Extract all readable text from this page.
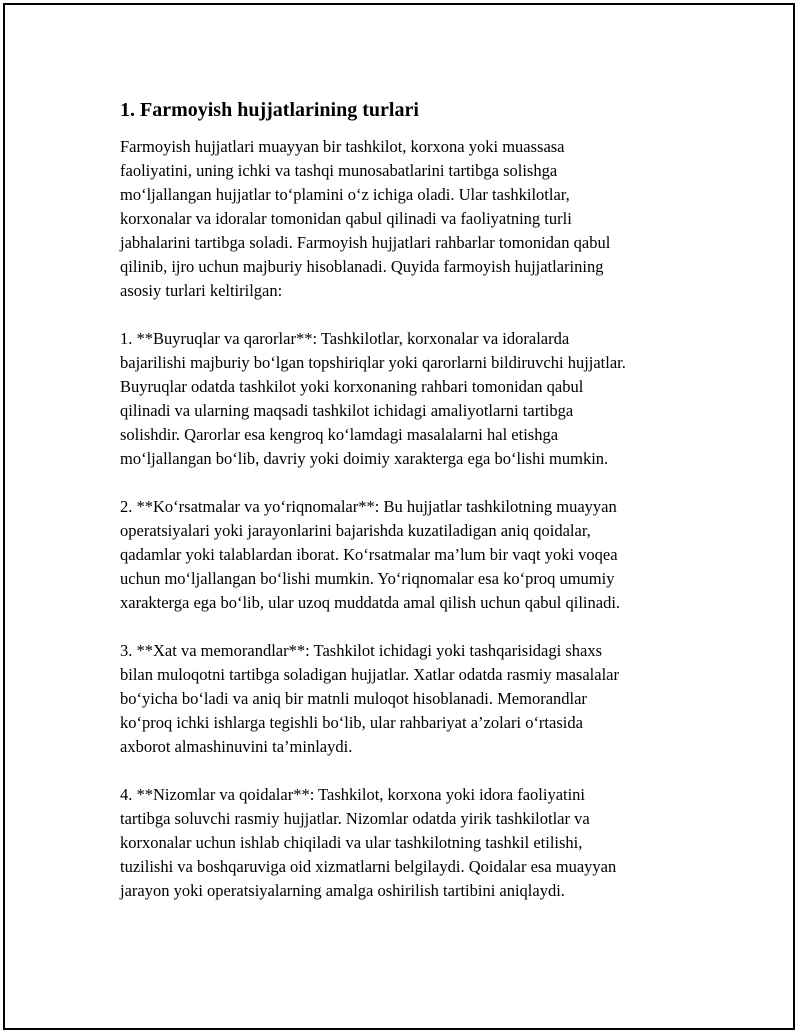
1. Farmoyish hujjatlarining turlari

Farmoyish hujjatlari muayyan bir tashkilot, korxona yoki muassasa
faoliyatini, uning ichki va tashqi munosabatlarini tartibga solishga
mo‘ljallangan hujjatlar to‘plamini o‘z ichiga oladi. Ular tashkilotlar,
korxonalar va idoralar tomonidan qabul qilinadi va faoliyatning turli
jabhalarini tartibga soladi. Farmoyish hujjatlari rahbarlar tomonidan qabul
qilinib, ijro uchun majburiy hisoblanadi. Quyida farmoyish hujjatlarining
asosiy turlari keltirilgan:

1. **Buyruqlar va qarorlar**: Tashkilotlar, korxonalar va idoralarda
bajarilishi majburiy bo‘lgan topshiriqlar yoki qarorlarni bildiruvchi hujjatlar.
Buyruqlar odatda tashkilot yoki korxonaning rahbari tomonidan qabul
qilinadi va ularning maqsadi tashkilot ichidagi amaliyotlarni tartibga
solishdir. Qarorlar esa kengroq ko‘lamdagi masalalarni hal etishga
mo‘ljallangan bo‘lib, davriy yoki doimiy xarakterga ega bo‘lishi mumkin.

2. **Ko‘rsatmalar va yo‘riqnomalar**: Bu hujjatlar tashkilotning muayyan
operatsiyalari yoki jarayonlarini bajarishda kuzatiladigan aniq qoidalar,
qadamlar yoki talablardan iborat. Ko‘rsatmalar ma’lum bir vaqt yoki voqea
uchun mo‘ljallangan bo‘lishi mumkin. Yo‘riqnomalar esa ko‘proq umumiy
xarakterga ega bo‘lib, ular uzoq muddatda amal qilish uchun qabul qilinadi.

3. **Xat va memorandlar**: Tashkilot ichidagi yoki tashqarisidagi shaxs
bilan muloqotni tartibga soladigan hujjatlar. Xatlar odatda rasmiy masalalar
bo‘yicha bo‘ladi va aniq bir matnli muloqot hisoblanadi. Memorandlar
ko‘proq ichki ishlarga tegishli bo‘lib, ular rahbariyat a’zolari o‘rtasida
axborot almashinuvini ta’minlaydi.

4. **Nizomlar va qoidalar**: Tashkilot, korxona yoki idora faoliyatini
tartibga soluvchi rasmiy hujjatlar. Nizomlar odatda yirik tashkilotlar va
korxonalar uchun ishlab chiqiladi va ular tashkilotning tashkil etilishi,
tuzilishi va boshqaruviga oid xizmatlarni belgilaydi. Qoidalar esa muayyan
jarayon yoki operatsiyalarning amalga oshirilish tartibini aniqlaydi.
